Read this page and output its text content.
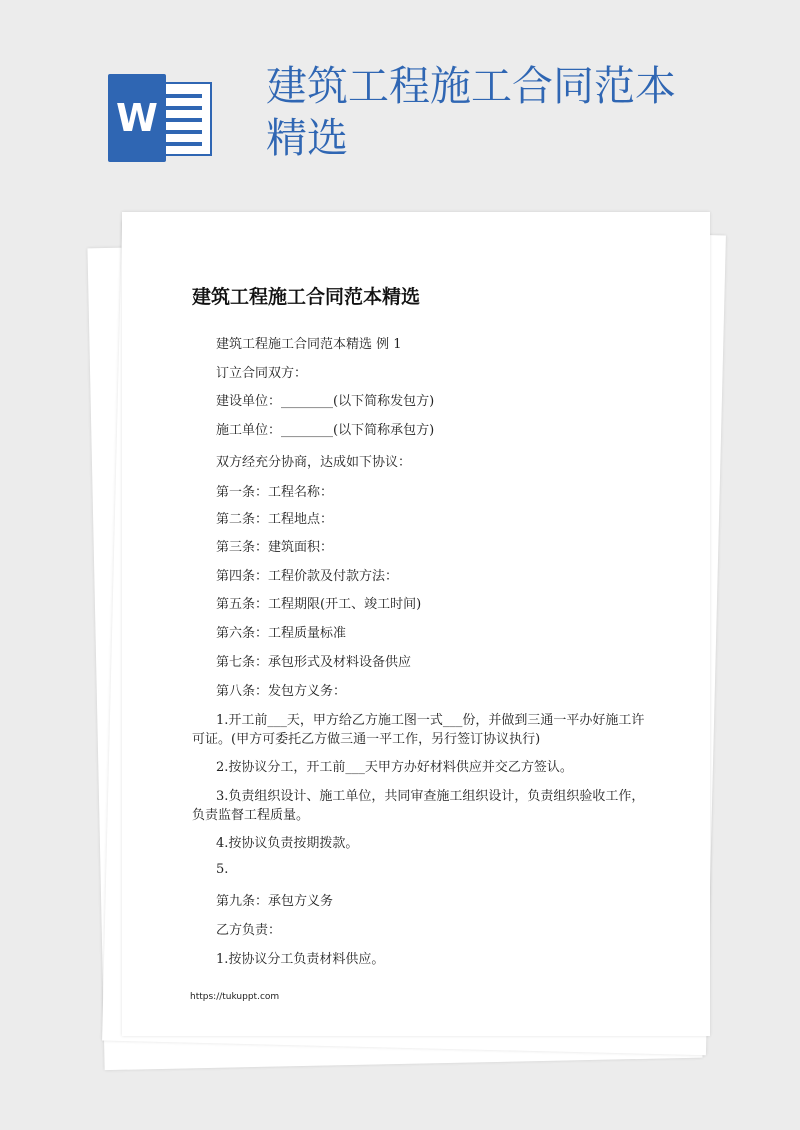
W
建筑工程施工合同范本精选
建筑工程施工合同范本精选
建筑工程施工合同范本精选 例 1
订立合同双方：
建设单位：________(以下简称发包方)
施工单位：________(以下简称承包方)
双方经充分协商，达成如下协议：
第一条：工程名称：
第二条：工程地点：
第三条：建筑面积：
第四条：工程价款及付款方法：
第五条：工程期限(开工、竣工时间)
第六条：工程质量标准
第七条：承包形式及材料设备供应
第八条：发包方义务：
1.开工前___天，甲方给乙方施工图一式___份，并做到三通一平办好施工许可证。(甲方可委托乙方做三通一平工作，另行签订协议执行)
2.按协议分工，开工前___天甲方办好材料供应并交乙方签认。
3.负责组织设计、施工单位，共同审查施工组织设计，负责组织验收工作，负责监督工程质量。
4.按协议负责按期拨款。
5.
第九条：承包方义务
乙方负责：
1.按协议分工负责材料供应。
https://tukuppt.com
